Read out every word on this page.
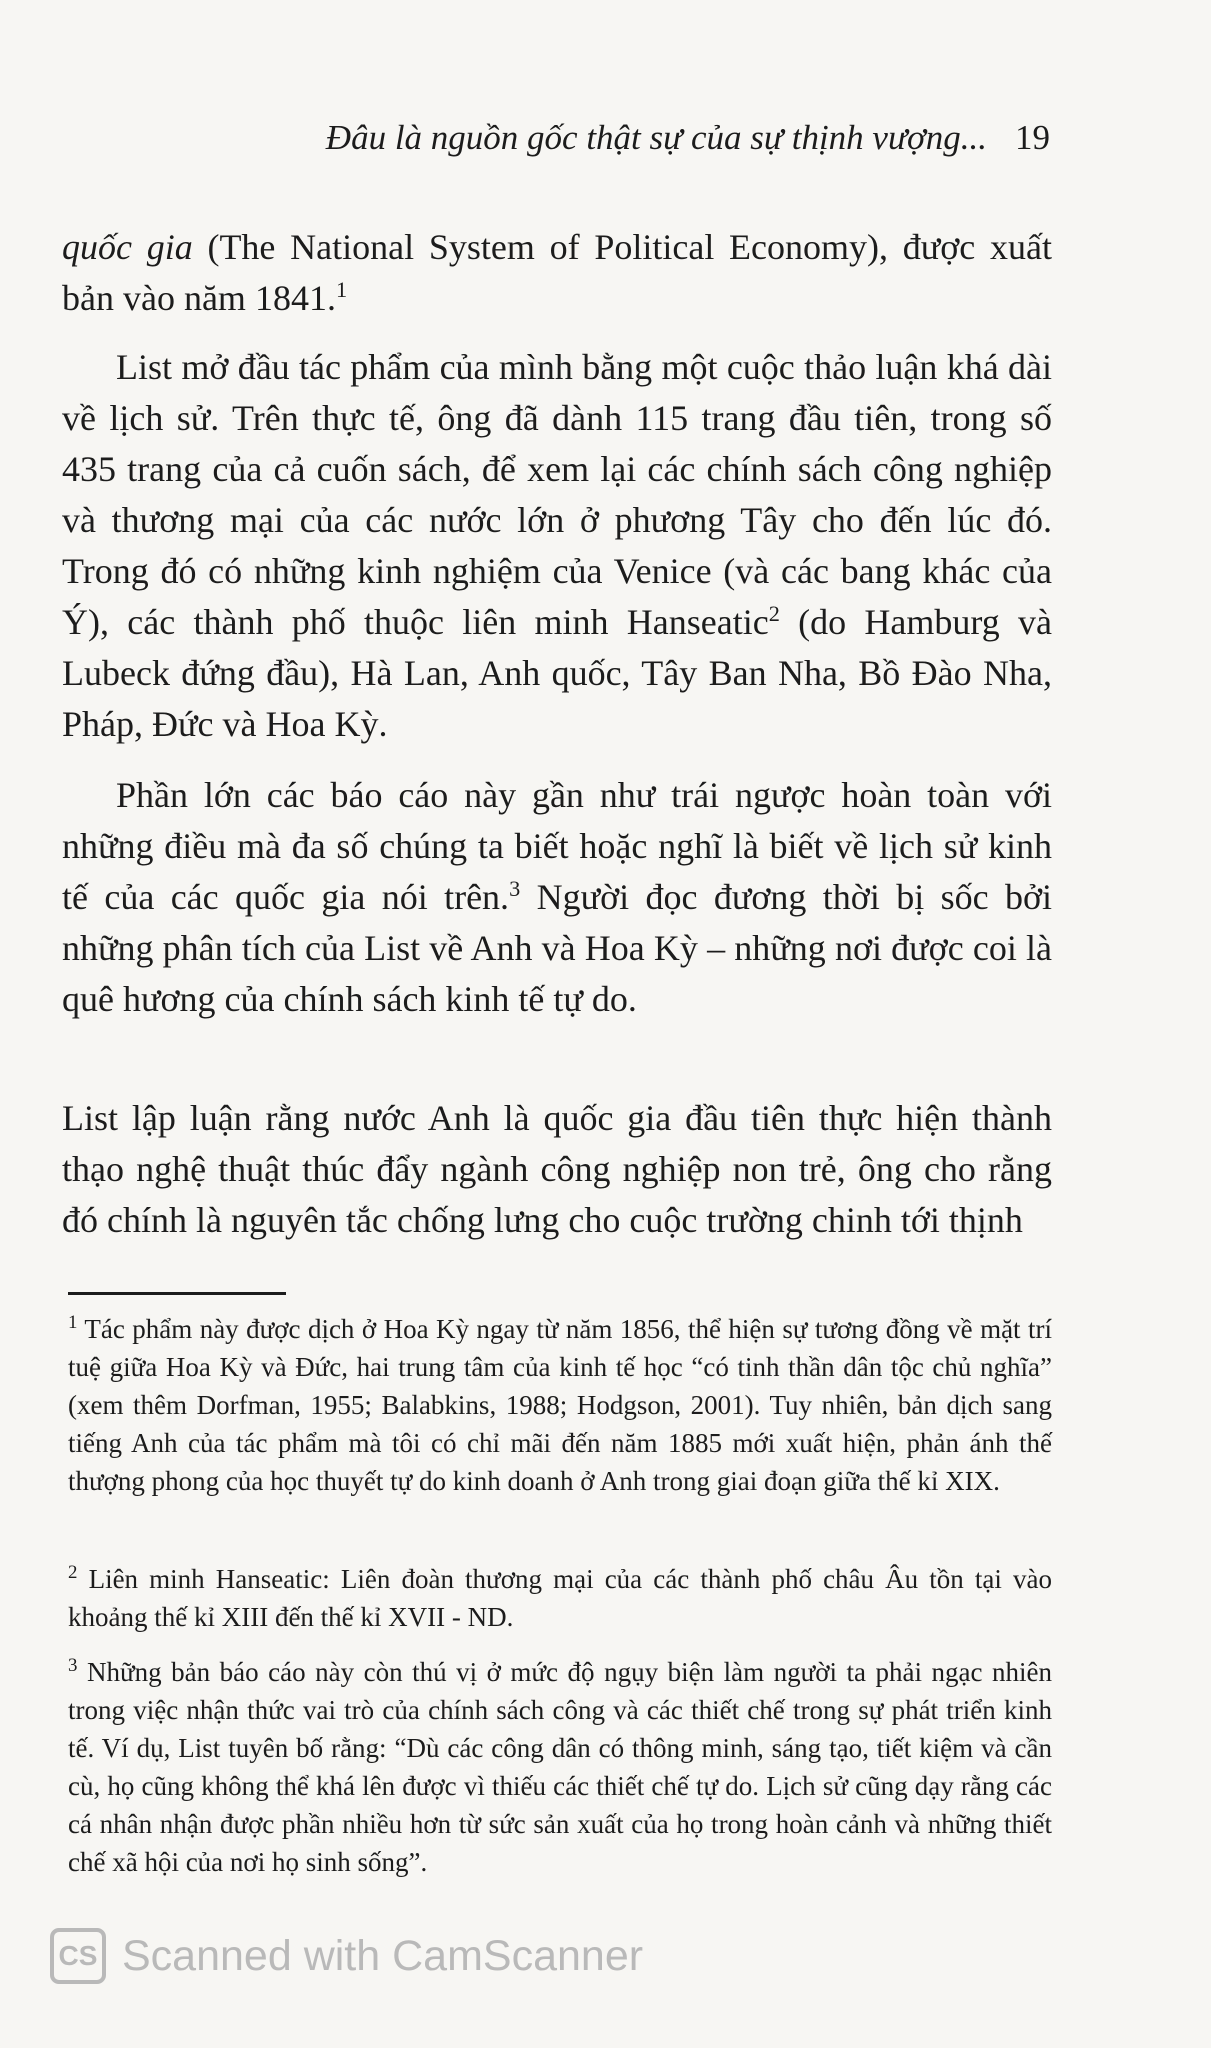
Đâu là nguồn gốc thật sự của sự thịnh vượng... 19

quốc gia (The National System of Political Economy), được xuất bản vào năm 1841.$^1$

List mở đầu tác phẩm của mình bằng một cuộc thảo luận khá dài về lịch sử. Trên thực tế, ông đã dành 115 trang đầu tiên, trong số 435 trang của cả cuốn sách, để xem lại các chính sách công nghiệp và thương mại của các nước lớn ở phương Tây cho đến lúc đó. Trong đó có những kinh nghiệm của Venice (và các bang khác của Ý), các thành phố thuộc liên minh Hanseatic$^2$ (do Hamburg và Lubeck đứng đầu), Hà Lan, Anh quốc, Tây Ban Nha, Bồ Đào Nha, Pháp, Đức và Hoa Kỳ.

Phần lớn các báo cáo này gần như trái ngược hoàn toàn với những điều mà đa số chúng ta biết hoặc nghĩ là biết về lịch sử kinh tế của các quốc gia nói trên.$^3$ Người đọc đương thời bị sốc bởi những phân tích của List về Anh và Hoa Kỳ – những nơi được coi là quê hương của chính sách kinh tế tự do.

List lập luận rằng nước Anh là quốc gia đầu tiên thực hiện thành thạo nghệ thuật thúc đẩy ngành công nghiệp non trẻ, ông cho rằng đó chính là nguyên tắc chống lưng cho cuộc trường chinh tới thịnh

$^1$ Tác phẩm này được dịch ở Hoa Kỳ ngay từ năm 1856, thể hiện sự tương đồng về mặt trí tuệ giữa Hoa Kỳ và Đức, hai trung tâm của kinh tế học “có tinh thần dân tộc chủ nghĩa” (xem thêm Dorfman, 1955; Balabkins, 1988; Hodgson, 2001). Tuy nhiên, bản dịch sang tiếng Anh của tác phẩm mà tôi có chỉ mãi đến năm 1885 mới xuất hiện, phản ánh thế thượng phong của học thuyết tự do kinh doanh ở Anh trong giai đoạn giữa thế kỉ XIX.

$^2$ Liên minh Hanseatic: Liên đoàn thương mại của các thành phố châu Âu tồn tại vào khoảng thế kỉ XIII đến thế kỉ XVII - ND.

$^3$ Những bản báo cáo này còn thú vị ở mức độ ngụy biện làm người ta phải ngạc nhiên trong việc nhận thức vai trò của chính sách công và các thiết chế trong sự phát triển kinh tế. Ví dụ, List tuyên bố rằng: “Dù các công dân có thông minh, sáng tạo, tiết kiệm và cần cù, họ cũng không thể khá lên được vì thiếu các thiết chế tự do. Lịch sử cũng dạy rằng các cá nhân nhận được phần nhiều hơn từ sức sản xuất của họ trong hoàn cảnh và những thiết chế xã hội của nơi họ sinh sống”.

CS Scanned with CamScanner
